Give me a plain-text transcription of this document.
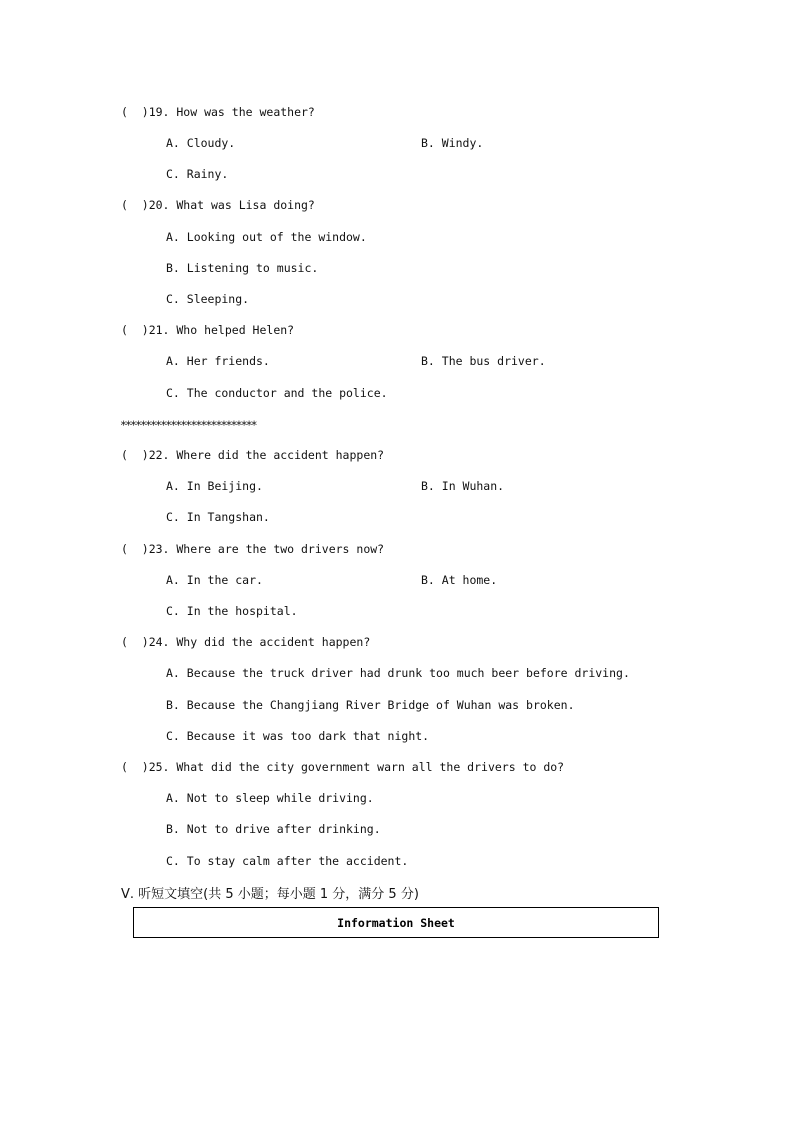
(  )19. How was the weather?
A. Cloudy.	B. Windy.
C. Rainy.
(  )20. What was Lisa doing?
A. Looking out of the window.
B. Listening to music.
C. Sleeping.
(  )21. Who helped Helen?
A. Her friends.	B. The bus driver.
C. The conductor and the police.
***************************
(  )22. Where did the accident happen?
A. In Beijing.	B. In Wuhan.
C. In Tangshan.
(  )23. Where are the two drivers now?
A. In the car.	B. At home.
C. In the hospital.
(  )24. Why did the accident happen?
A. Because the truck driver had drunk too much beer before driving.
B. Because the Changjiang River Bridge of Wuhan was broken.
C. Because it was too dark that night.
(  )25. What did the city government warn all the drivers to do?
A. Not to sleep while driving.
B. Not to drive after drinking.
C. To stay calm after the accident.
Ⅴ. 听短文填空(共 5 小题；每小题 1 分，满分 5 分)
Information Sheet
